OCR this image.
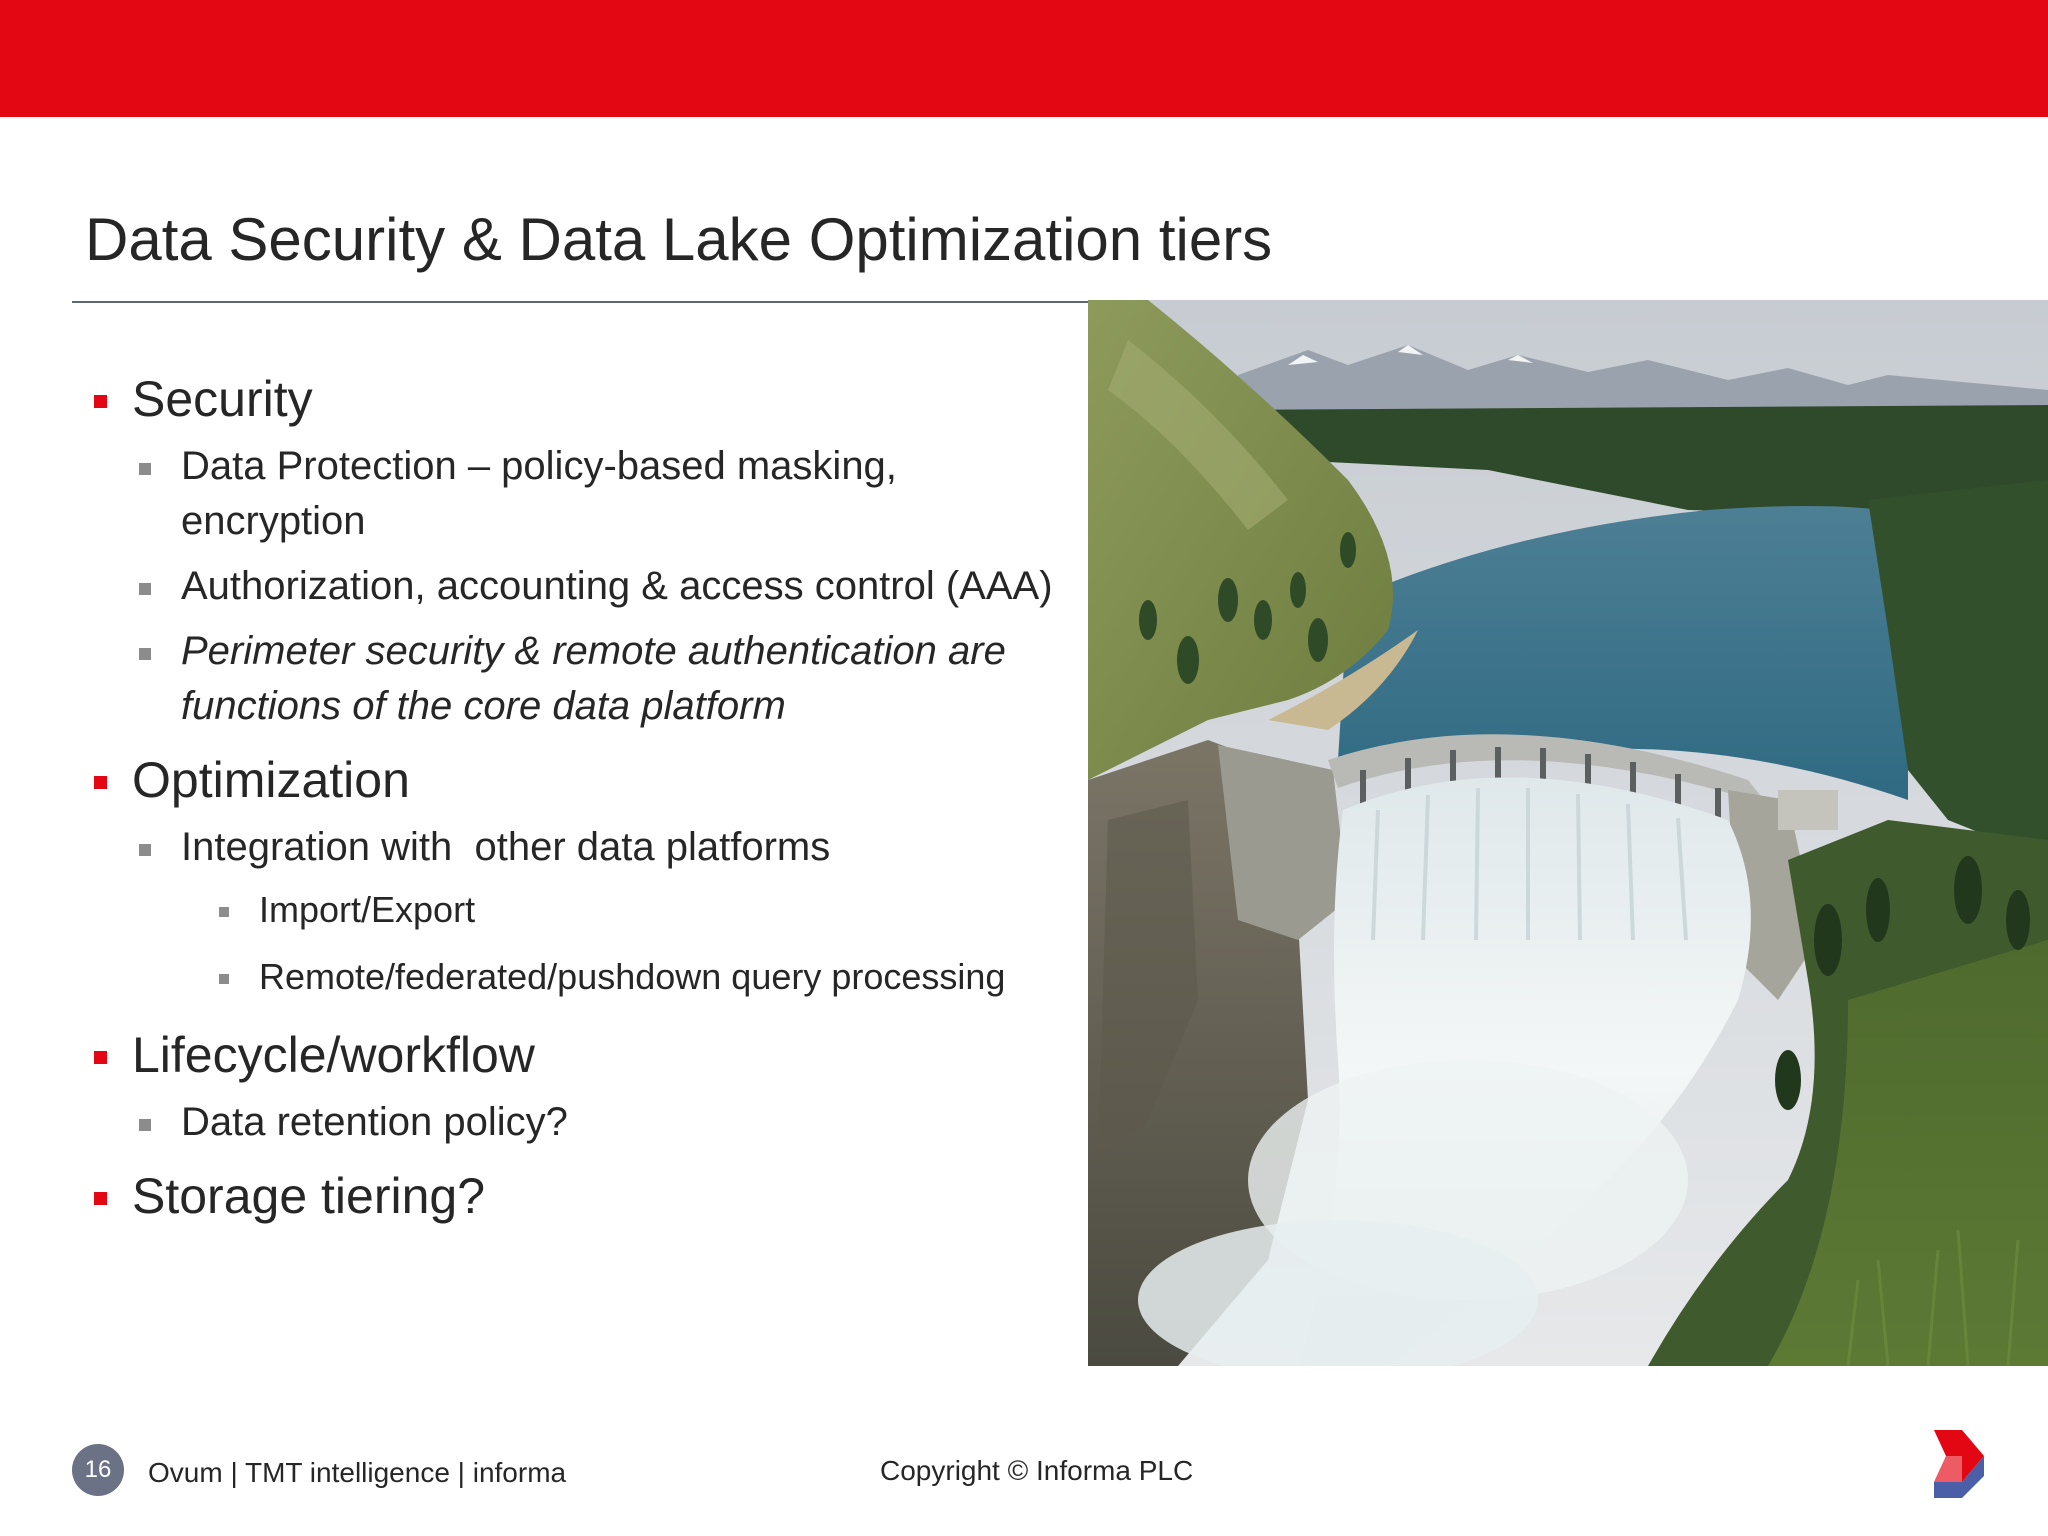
Data Security & Data Lake Optimization tiers
Security
Data Protection – policy-based masking, encryption
Authorization, accounting & access control (AAA)
Perimeter security & remote authentication are functions of the core data platform
Optimization
Integration with  other data platforms
Import/Export
Remote/federated/pushdown query processing
Lifecycle/workflow
Data retention policy?
Storage tiering?
16	Ovum | TMT intelligence | informa	Copyright © Informa PLC
